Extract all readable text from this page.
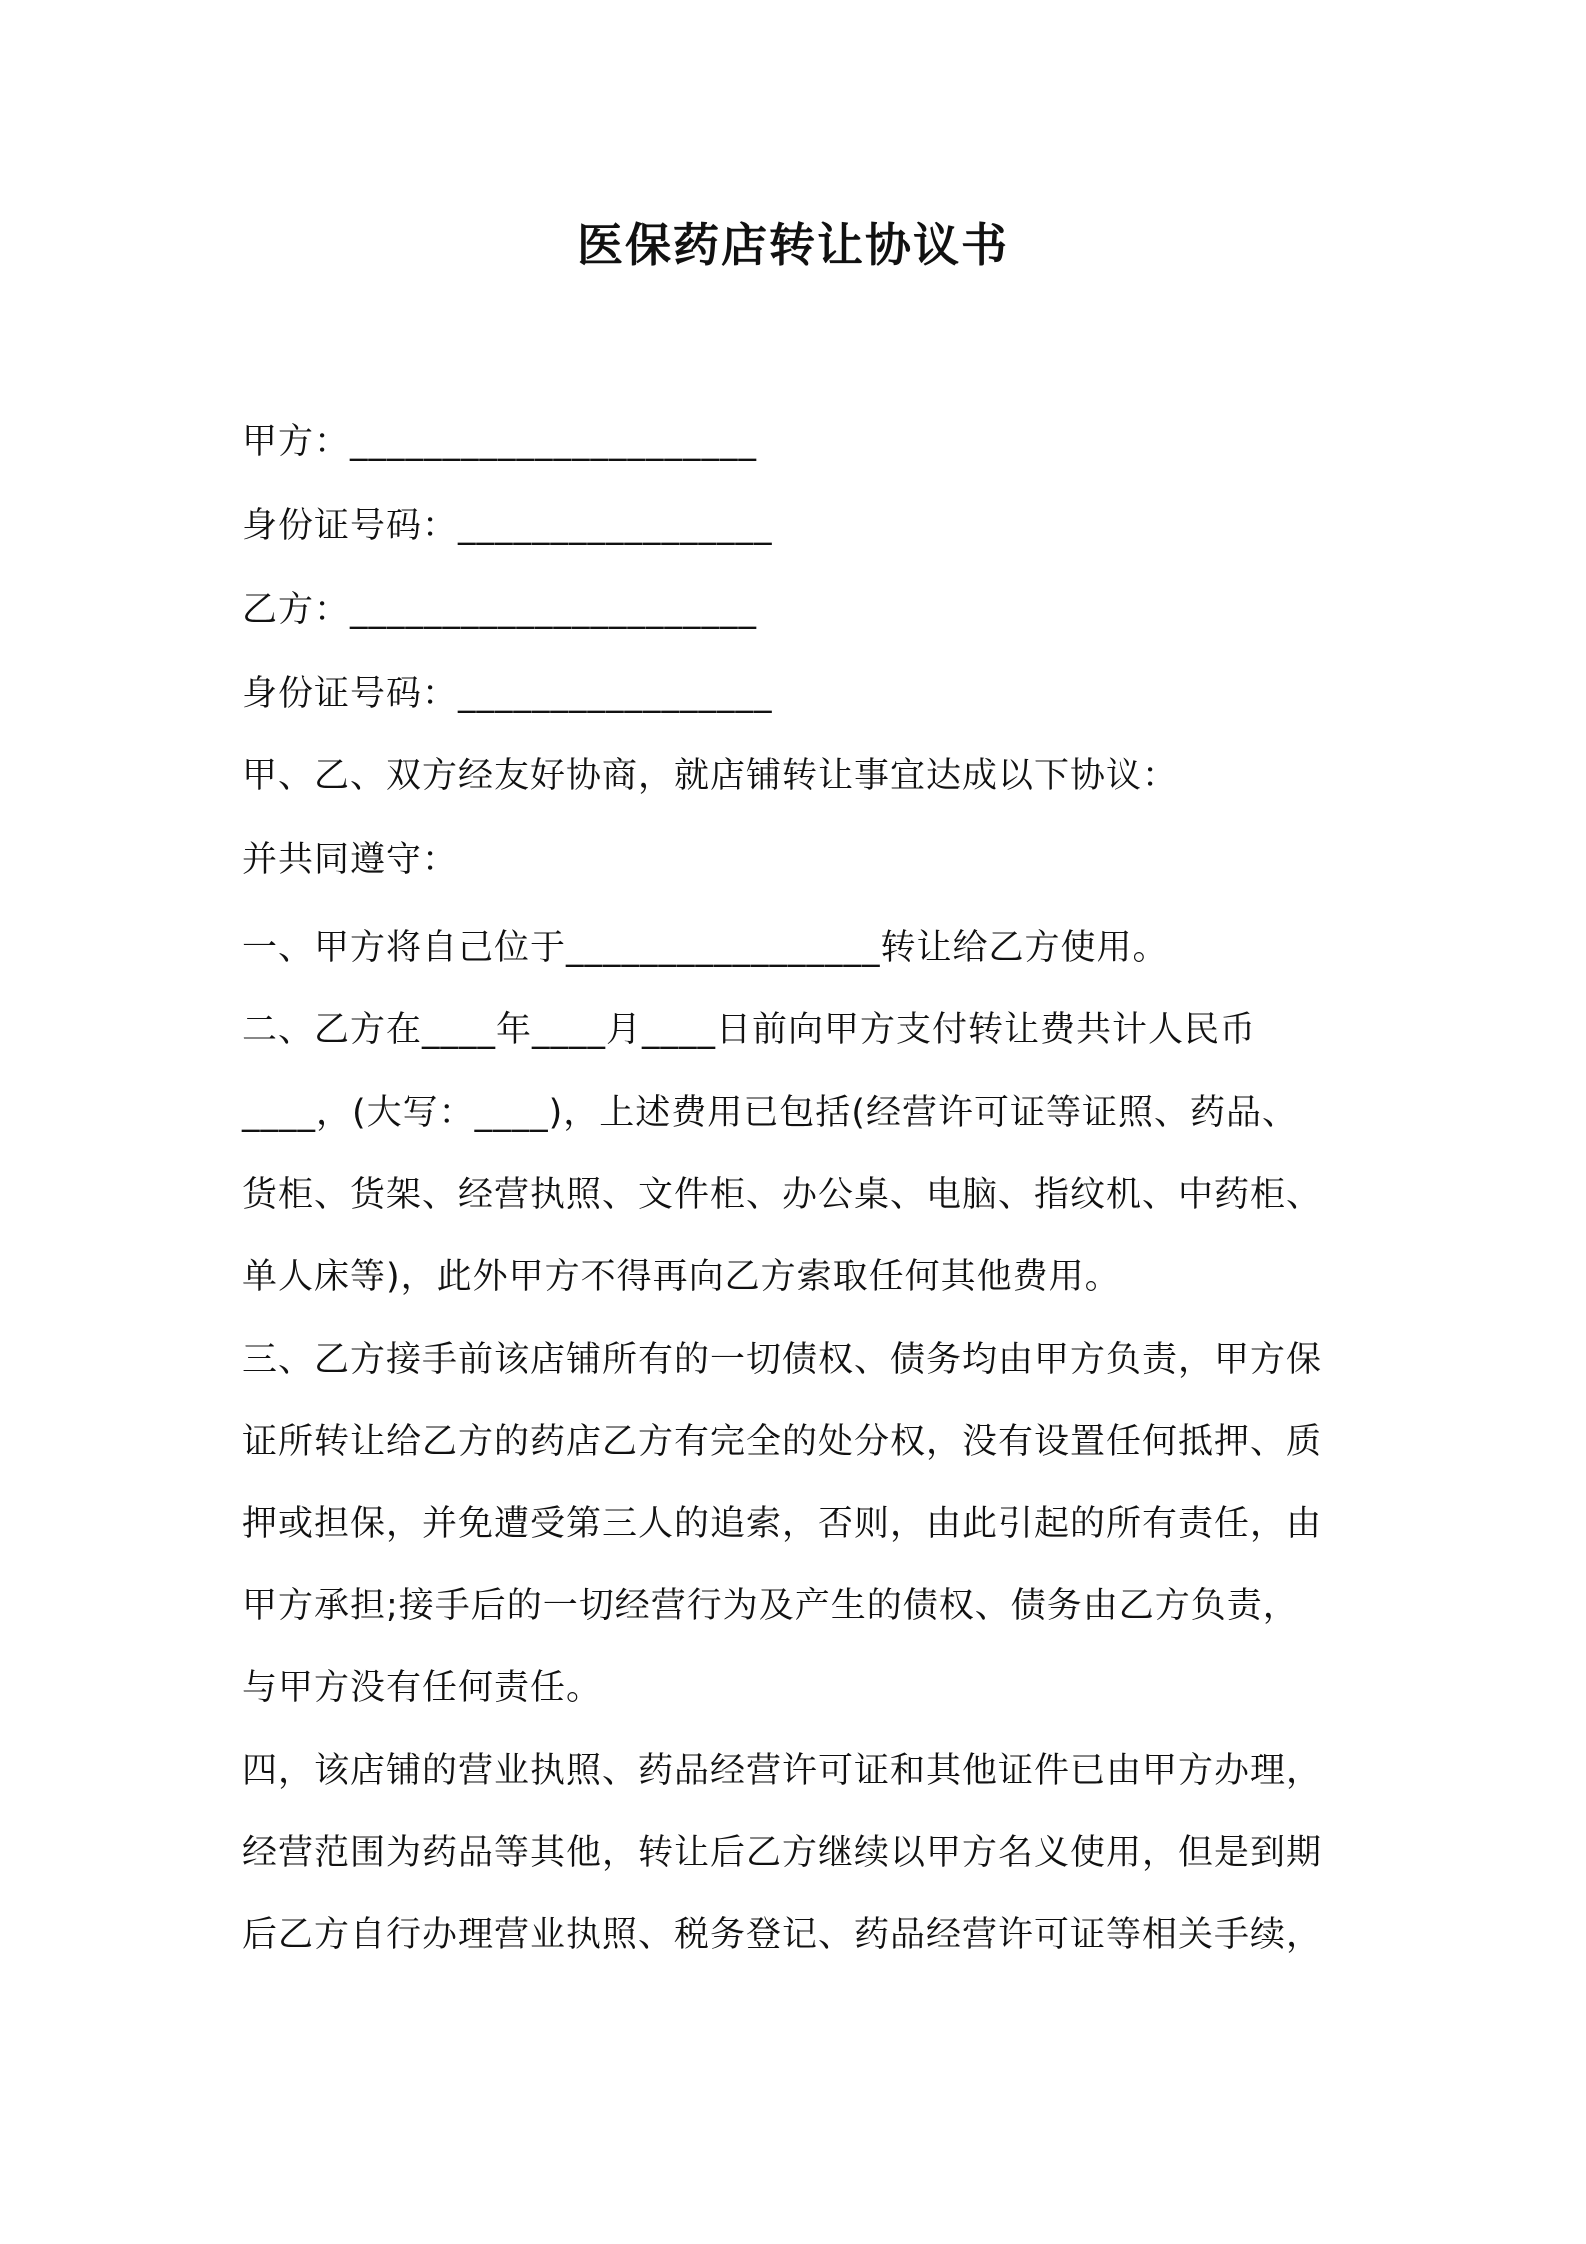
医保药店转让协议书
甲方：______________________
身份证号码：_________________
乙方：______________________
身份证号码：_________________
甲、乙、双方经友好协商，就店铺转让事宜达成以下协议：
并共同遵守：
一、甲方将自己位于_________________转让给乙方使用。
二、乙方在____年____月____日前向甲方支付转让费共计人民币
____，(大写：____)，上述费用已包括(经营许可证等证照、药品、
货柜、货架、经营执照、文件柜、办公桌、电脑、指纹机、中药柜、
单人床等)，此外甲方不得再向乙方索取任何其他费用。
三、乙方接手前该店铺所有的一切债权、债务均由甲方负责，甲方保
证所转让给乙方的药店乙方有完全的处分权，没有设置任何抵押、质
押或担保，并免遭受第三人的追索，否则，由此引起的所有责任，由
甲方承担;接手后的一切经营行为及产生的债权、债务由乙方负责，
与甲方没有任何责任。
四，该店铺的营业执照、药品经营许可证和其他证件已由甲方办理，
经营范围为药品等其他，转让后乙方继续以甲方名义使用，但是到期
后乙方自行办理营业执照、税务登记、药品经营许可证等相关手续，
